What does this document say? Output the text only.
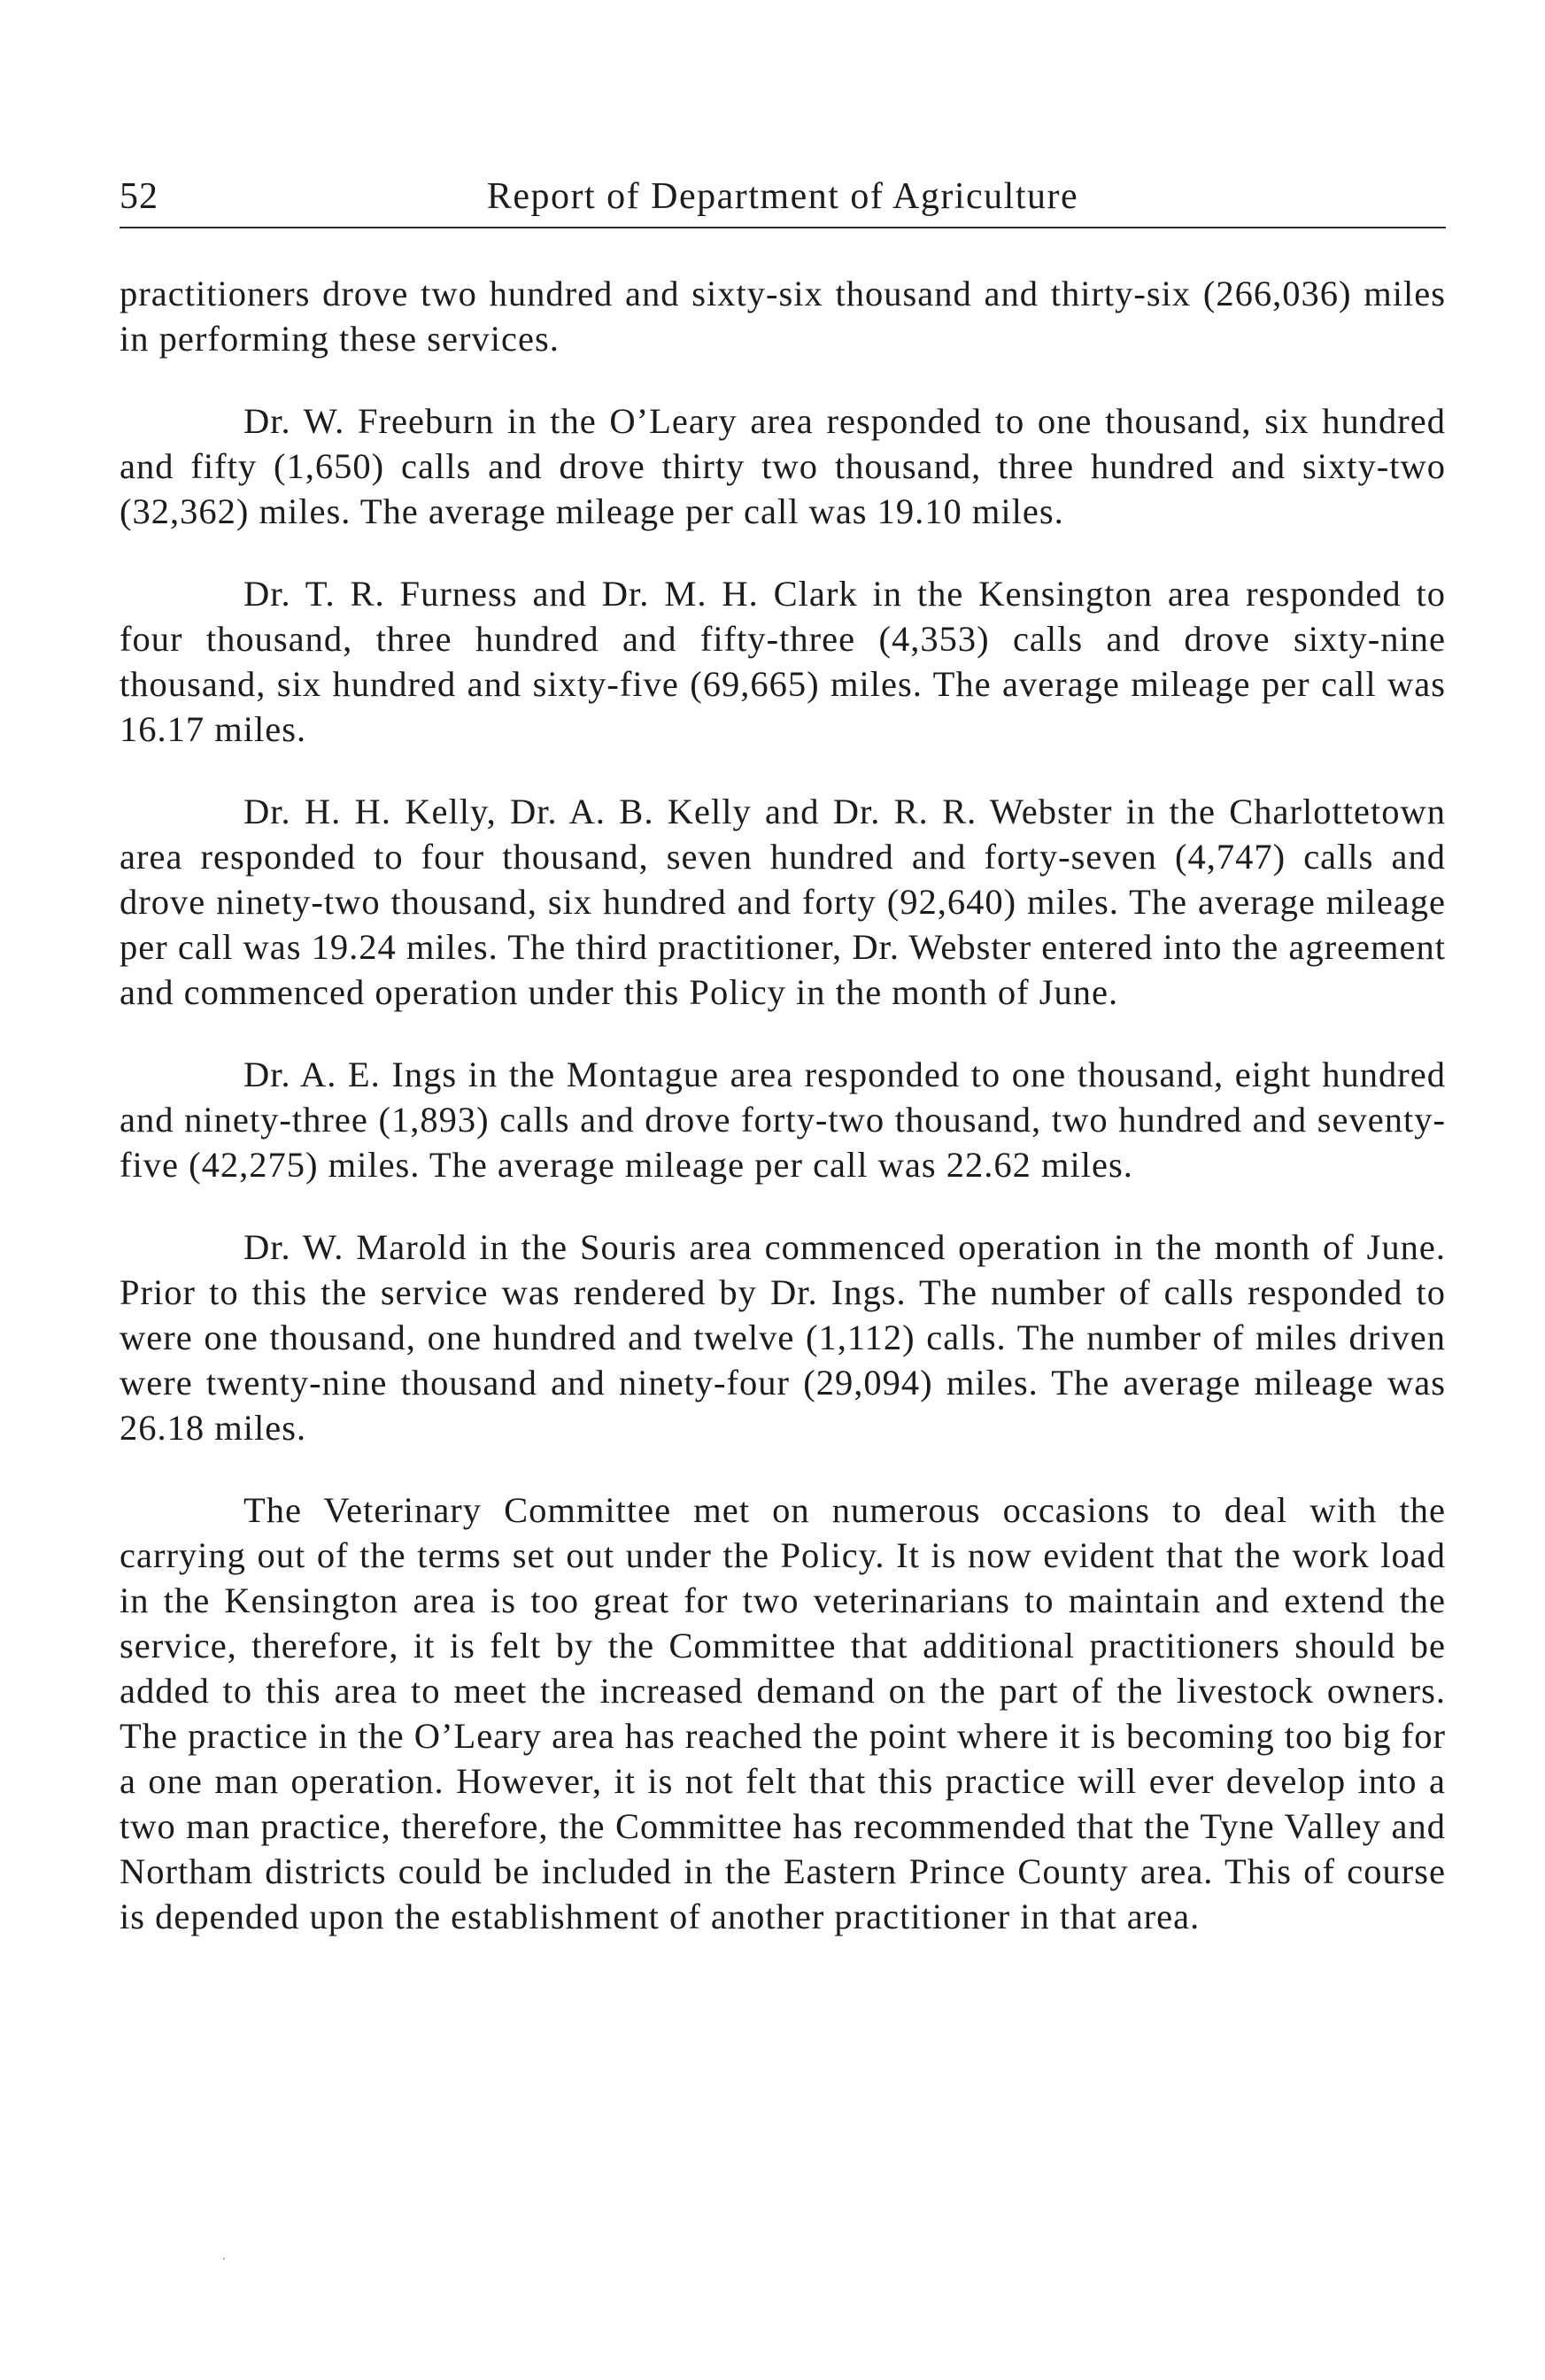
52	Report of Department of Agriculture

practitioners drove two hundred and sixty-six thousand and thirty-six (266,036) miles in performing these services.

Dr. W. Freeburn in the O’Leary area responded to one thousand, six hundred and fifty (1,650) calls and drove thirty two thousand, three hundred and sixty-two (32,362) miles. The average mileage per call was 19.10 miles.

Dr. T. R. Furness and Dr. M. H. Clark in the Kensington area responded to four thousand, three hundred and fifty-three (4,353) calls and drove sixty-nine thousand, six hundred and sixty-five (69,665) miles. The average mileage per call was 16.17 miles.

Dr. H. H. Kelly, Dr. A. B. Kelly and Dr. R. R. Webster in the Charlottetown area responded to four thousand, seven hundred and forty-seven (4,747) calls and drove ninety-two thousand, six hundred and forty (92,640) miles. The average mileage per call was 19.24 miles. The third practitioner, Dr. Webster entered into the agreement and commenced operation under this Policy in the month of June.

Dr. A. E. Ings in the Montague area responded to one thousand, eight hundred and ninety-three (1,893) calls and drove forty-two thousand, two hundred and seventy-five (42,275) miles. The average mileage per call was 22.62 miles.

Dr. W. Marold in the Souris area commenced operation in the month of June. Prior to this the service was rendered by Dr. Ings. The number of calls responded to were one thousand, one hundred and twelve (1,112) calls. The number of miles driven were twenty-nine thousand and ninety-four (29,094) miles. The average mileage was 26.18 miles.

The Veterinary Committee met on numerous occasions to deal with the carrying out of the terms set out under the Policy. It is now evident that the work load in the Kensington area is too great for two veterinarians to maintain and extend the service, therefore, it is felt by the Committee that additional practitioners should be added to this area to meet the increased demand on the part of the livestock owners. The practice in the O’Leary area has reached the point where it is becoming too big for a one man operation. However, it is not felt that this practice will ever develop into a two man practice, therefore, the Committee has recommended that the Tyne Valley and Northam districts could be included in the Eastern Prince County area. This of course is depended upon the establishment of another practitioner in that area.
